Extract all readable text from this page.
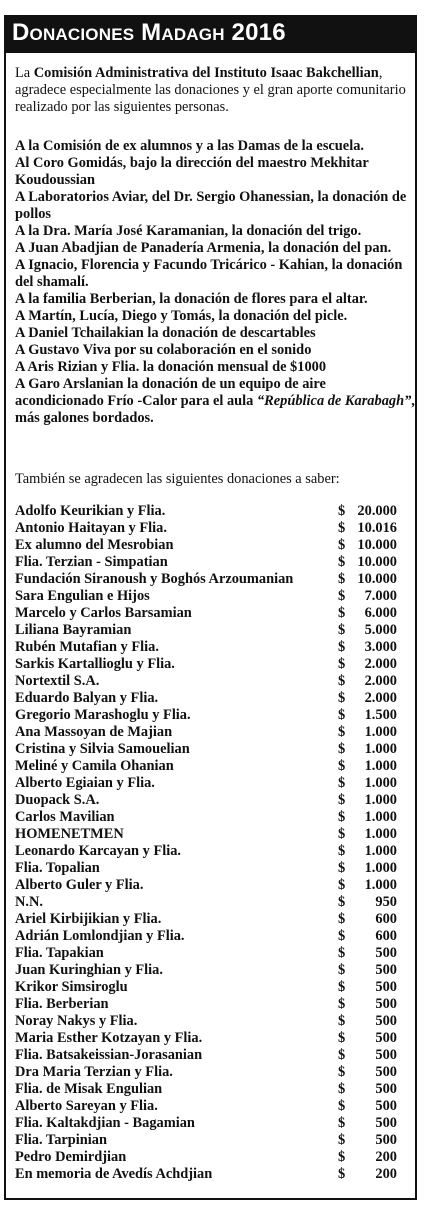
Donaciones Madagh 2016
La Comisión Administrativa del Instituto Isaac Bakchellian, agradece especialmente las donaciones y el gran aporte comunitario realizado por las siguientes personas.
A la Comisión de ex alumnos y a las Damas de la escuela.
Al Coro Gomidás, bajo la dirección del maestro Mekhitar Koudoussian
A Laboratorios Aviar, del Dr. Sergio Ohanessian, la donación de pollos
A la Dra. María José Karamanian, la donación del trigo.
A Juan Abadjian de Panadería Armenia, la donación del pan.
A Ignacio, Florencia y Facundo Tricárico - Kahian, la donación del shamalí.
A la familia Berberian, la donación de flores para el altar.
A Martín, Lucía, Diego y Tomás, la donación del picle.
A Daniel Tchailakian la donación de descartables
A Gustavo Viva por su colaboración en el sonido
A Aris Rizian y Flia. la donación mensual de $1000
A Garo Arslanian la donación de un equipo de aire acondicionado Frío -Calor para el aula “República de Karabagh”, más galones bordados.
También se agradecen las siguientes donaciones a saber:
Adolfo Keurikian y Flia.	$ 20.000
Antonio Haitayan y Flia.	$ 10.016
Ex alumno del Mesrobian	$ 10.000
Flia. Terzian - Simpatian	$ 10.000
Fundación Siranoush y Boghós Arzoumanian	$ 10.000
Sara Engulian e Hijos	$ 7.000
Marcelo y Carlos Barsamian	$ 6.000
Liliana Bayramian	$ 5.000
Rubén Mutafian y Flia.	$ 3.000
Sarkis Kartallioglu y Flia.	$ 2.000
Nortextil S.A.	$ 2.000
Eduardo Balyan y Flia.	$ 2.000
Gregorio Marashoglu y Flia.	$ 1.500
Ana Massoyan de Majian	$ 1.000
Cristina y Silvia Samouelian	$ 1.000
Meliné y Camila Ohanian	$ 1.000
Alberto Egiaian y Flia.	$ 1.000
Duopack S.A.	$ 1.000
Carlos Mavilian	$ 1.000
HOMENETMEN	$ 1.000
Leonardo Karcayan y Flia.	$ 1.000
Flia. Topalian	$ 1.000
Alberto Guler y Flia.	$ 1.000
N.N.	$ 950
Ariel Kirbijikian y Flia.	$ 600
Adrián Lomlondjian y Flia.	$ 600
Flia. Tapakian	$ 500
Juan Kuringhian y Flia.	$ 500
Krikor Simsiroglu	$ 500
Flia. Berberian	$ 500
Noray Nakys y Flia.	$ 500
Maria Esther Kotzayan y Flia.	$ 500
Flia. Batsakeissian-Jorasanian	$ 500
Dra Maria Terzian y Flia.	$ 500
Flia. de Misak Engulian	$ 500
Alberto Sareyan y Flia.	$ 500
Flia. Kaltakdjian - Bagamian	$ 500
Flia. Tarpinian	$ 500
Pedro Demirdjian	$ 200
En memoria de Avedís Achdjian	$ 200
